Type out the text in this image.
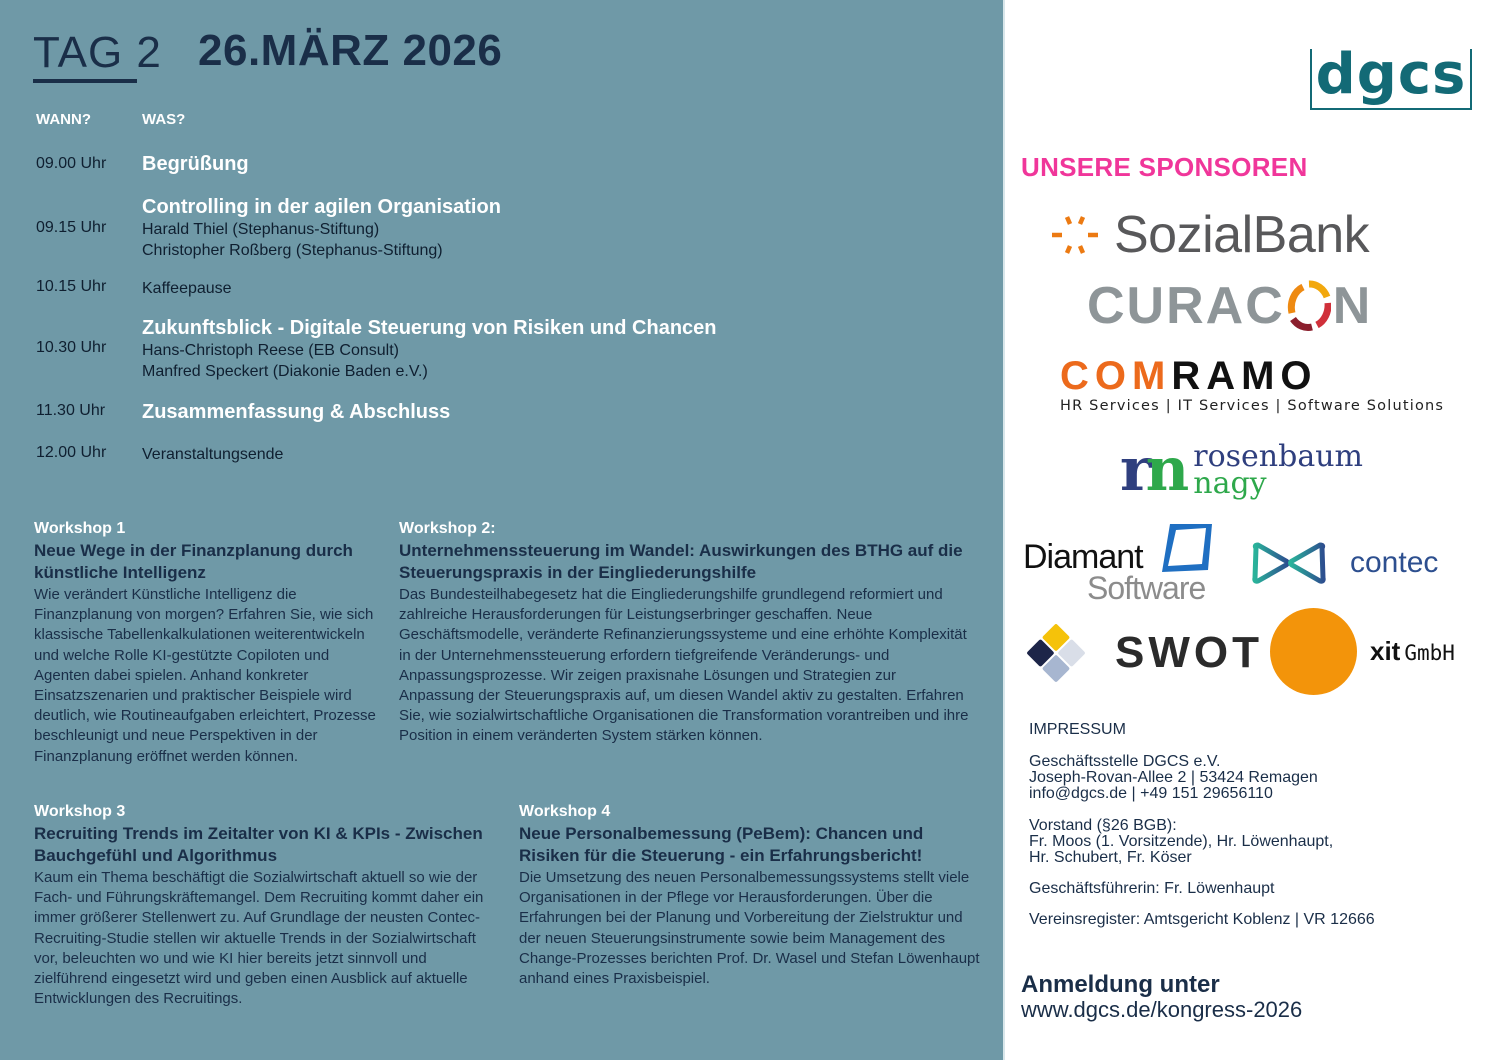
TAG 2 26.MÄRZ 2026
WANN?	WAS?
09.00 Uhr Begrüßung
09.15 Uhr
Controlling in der agilen Organisation
Harald Thiel (Stephanus-Stiftung)
Christopher Roßberg (Stephanus-Stiftung)
10.15 Uhr Kaffeepause
10.30 Uhr
Zukunftsblick - Digitale Steuerung von Risiken und Chancen
Hans-Christoph Reese (EB Consult)
Manfred Speckert (Diakonie Baden e.V.)
11.30 Uhr Zusammenfassung & Abschluss
12.00 Uhr Veranstaltungsende
Workshop 1
Neue Wege in der Finanzplanung durch künstliche Intelligenz
Wie verändert Künstliche Intelligenz die Finanzplanung von morgen? Erfahren Sie, wie sich klassische Tabellenkalkulationen weiterentwickeln und welche Rolle KI-gestützte Copiloten und Agenten dabei spielen. Anhand konkreter Einsatzszenarien und praktischer Beispiele wird deutlich, wie Routineaufgaben erleichtert, Prozesse beschleunigt und neue Perspektiven in der Finanzplanung eröffnet werden können.
Workshop 2:
Unternehmenssteuerung im Wandel: Auswirkungen des BTHG auf die Steuerungspraxis in der Eingliederungshilfe
Das Bundesteilhabegesetz hat die Eingliederungshilfe grundlegend reformiert und zahlreiche Herausforderungen für Leistungserbringer geschaffen. Neue Geschäftsmodelle, veränderte Refinanzierungssysteme und eine erhöhte Komplexität in der Unternehmenssteuerung erfordern tiefgreifende Veränderungs- und Anpassungsprozesse. Wir zeigen praxisnahe Lösungen und Strategien zur Anpassung der Steuerungspraxis auf, um diesen Wandel aktiv zu gestalten. Erfahren Sie, wie sozialwirtschaftliche Organisationen die Transformation vorantreiben und ihre Position in einem veränderten System stärken können.
Workshop 3
Recruiting Trends im Zeitalter von KI & KPIs - Zwischen Bauchgefühl und Algorithmus
Kaum ein Thema beschäftigt die Sozialwirtschaft aktuell so wie der Fach- und Führungskräftemangel. Dem Recruiting kommt daher ein immer größerer Stellenwert zu. Auf Grundlage der neusten Contec-Recruiting-Studie stellen wir aktuelle Trends in der Sozialwirtschaft vor, beleuchten wo und wie KI hier bereits jetzt sinnvoll und zielführend eingesetzt wird und geben einen Ausblick auf aktuelle Entwicklungen des Recruitings.
Workshop 4
Neue Personalbemessung (PeBem): Chancen und Risiken für die Steuerung - ein Erfahrungsbericht!
Die Umsetzung des neuen Personalbemessungssystems stellt viele Organisationen in der Pflege vor Herausforderungen. Über die Erfahrungen bei der Planung und Vorbereitung der Zielstruktur und der neuen Steuerungsinstrumente sowie beim Management des Change-Prozesses berichten Prof. Dr. Wasel und Stefan Löwenhaupt anhand eines Praxisbeispiel.
dgcs
UNSERE SPONSOREN
SozialBank
CURAC N
COM RAMO
HR Services | IT Services | Software Solutions
rn rosenbaum
nagy
Diamant
Software
contec
SWOT	xit GmbH
IMPRESSUM
Geschäftsstelle DGCS e.V.
Joseph-Rovan-Allee 2 | 53424 Remagen
info@dgcs.de | +49 151 29656110
Vorstand (§26 BGB):
Fr. Moos (1. Vorsitzende), Hr. Löwenhaupt,
Hr. Schubert, Fr. Köser
Geschäftsführerin: Fr. Löwenhaupt
Vereinsregister: Amtsgericht Koblenz | VR 12666
Anmeldung unter
www.dgcs.de/kongress-2026
